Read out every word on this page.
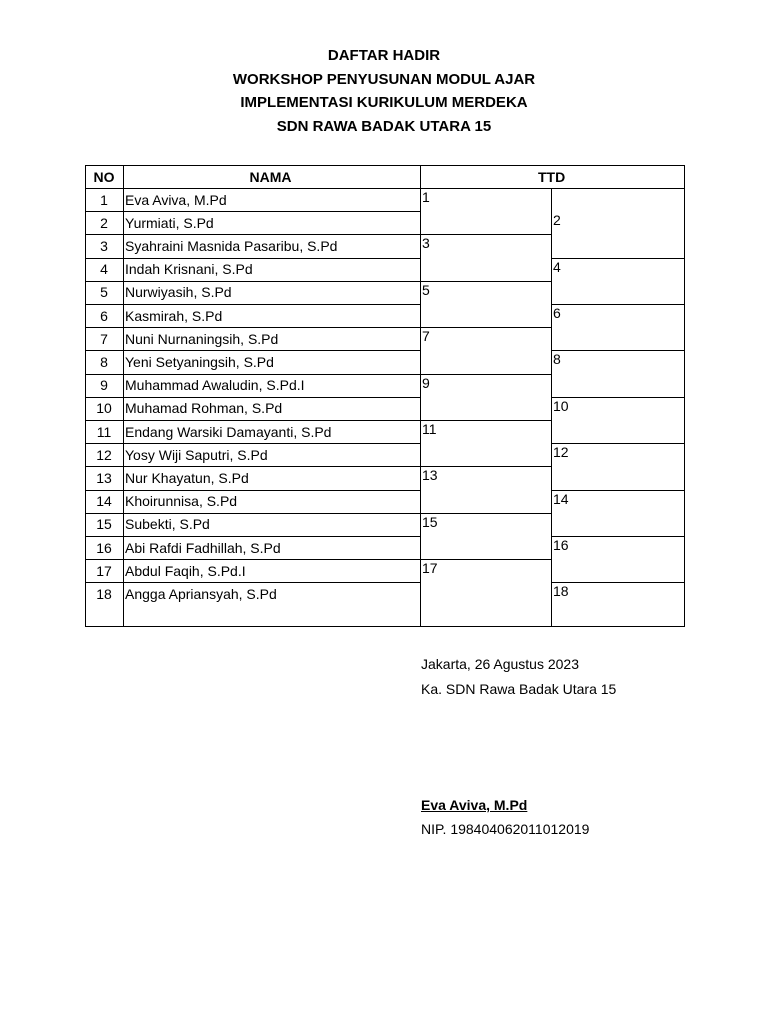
DAFTAR HADIR
WORKSHOP PENYUSUNAN MODUL AJAR
IMPLEMENTASI KURIKULUM MERDEKA
SDN RAWA BADAK UTARA 15
NO	NAMA	TTD
1	Eva Aviva, M.Pd	1
2	Yurmiati, S.Pd	2
3	Syahraini Masnida Pasaribu, S.Pd	3
4	Indah Krisnani, S.Pd	4
5	Nurwiyasih, S.Pd	5
6	Kasmirah, S.Pd	6
7	Nuni Nurnaningsih, S.Pd	7
8	Yeni Setyaningsih, S.Pd	8
9	Muhammad Awaludin, S.Pd.I	9
10 Muhamad Rohman, S.Pd	10
11 Endang Warsiki Damayanti, S.Pd	11
12 Yosy Wiji Saputri, S.Pd	12
13 Nur Khayatun, S.Pd	13
14 Khoirunnisa, S.Pd	14
15 Subekti, S.Pd	15
16 Abi Rafdi Fadhillah, S.Pd	16
17 Abdul Faqih, S.Pd.I	17
18 Angga Apriansyah, S.Pd	18
Jakarta, 26 Agustus 2023
Ka. SDN Rawa Badak Utara 15
Eva Aviva, M.Pd
NIP. 198404062011012019
